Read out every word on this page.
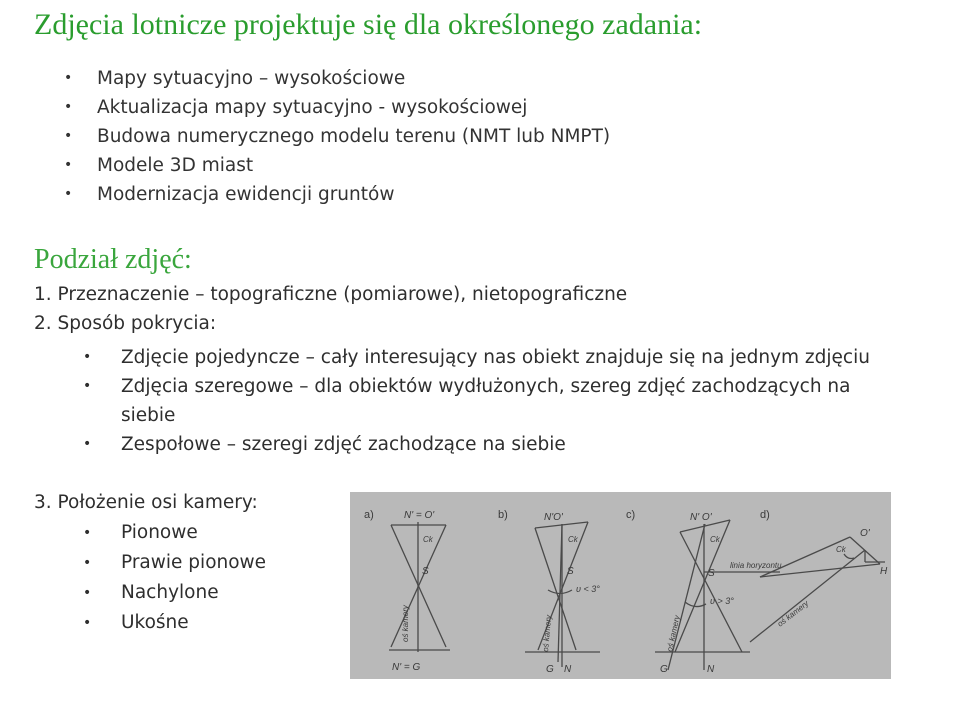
Zdjęcia lotnicze projektuje się dla określonego zadania:
• Mapy sytuacyjno – wysokościowe
• Aktualizacja mapy sytuacyjno - wysokościowej
• Budowa numerycznego modelu terenu (NMT lub NMPT)
• Modele 3D miast
• Modernizacja ewidencji gruntów
Podział zdjęć:
1. Przeznaczenie – topograficzne (pomiarowe), nietopograficzne
2. Sposób pokrycia:
• Zdjęcie pojedyncze – cały interesujący nas obiekt znajduje się na jednym zdjęciu
• Zdjęcia szeregowe – dla obiektów wydłużonych, szereg zdjęć zachodzących na
siebie
• Zespołowe – szeregi zdjęć zachodzące na siebie
3. Położenie osi kamery:
• Pionowe
• Prawie pionowe
• Nachylone
• Ukośne
a)	N' = O'
Ck
S
oś kamery
N' = G
b)	N'O'
Ck
S
υ < 3°
oś kamery
G N
c)	N' O'
Ck
S
linia horyzontu
υ > 3°
oś kamery
G	N
d)
O'
Ck
H
oś kamery
